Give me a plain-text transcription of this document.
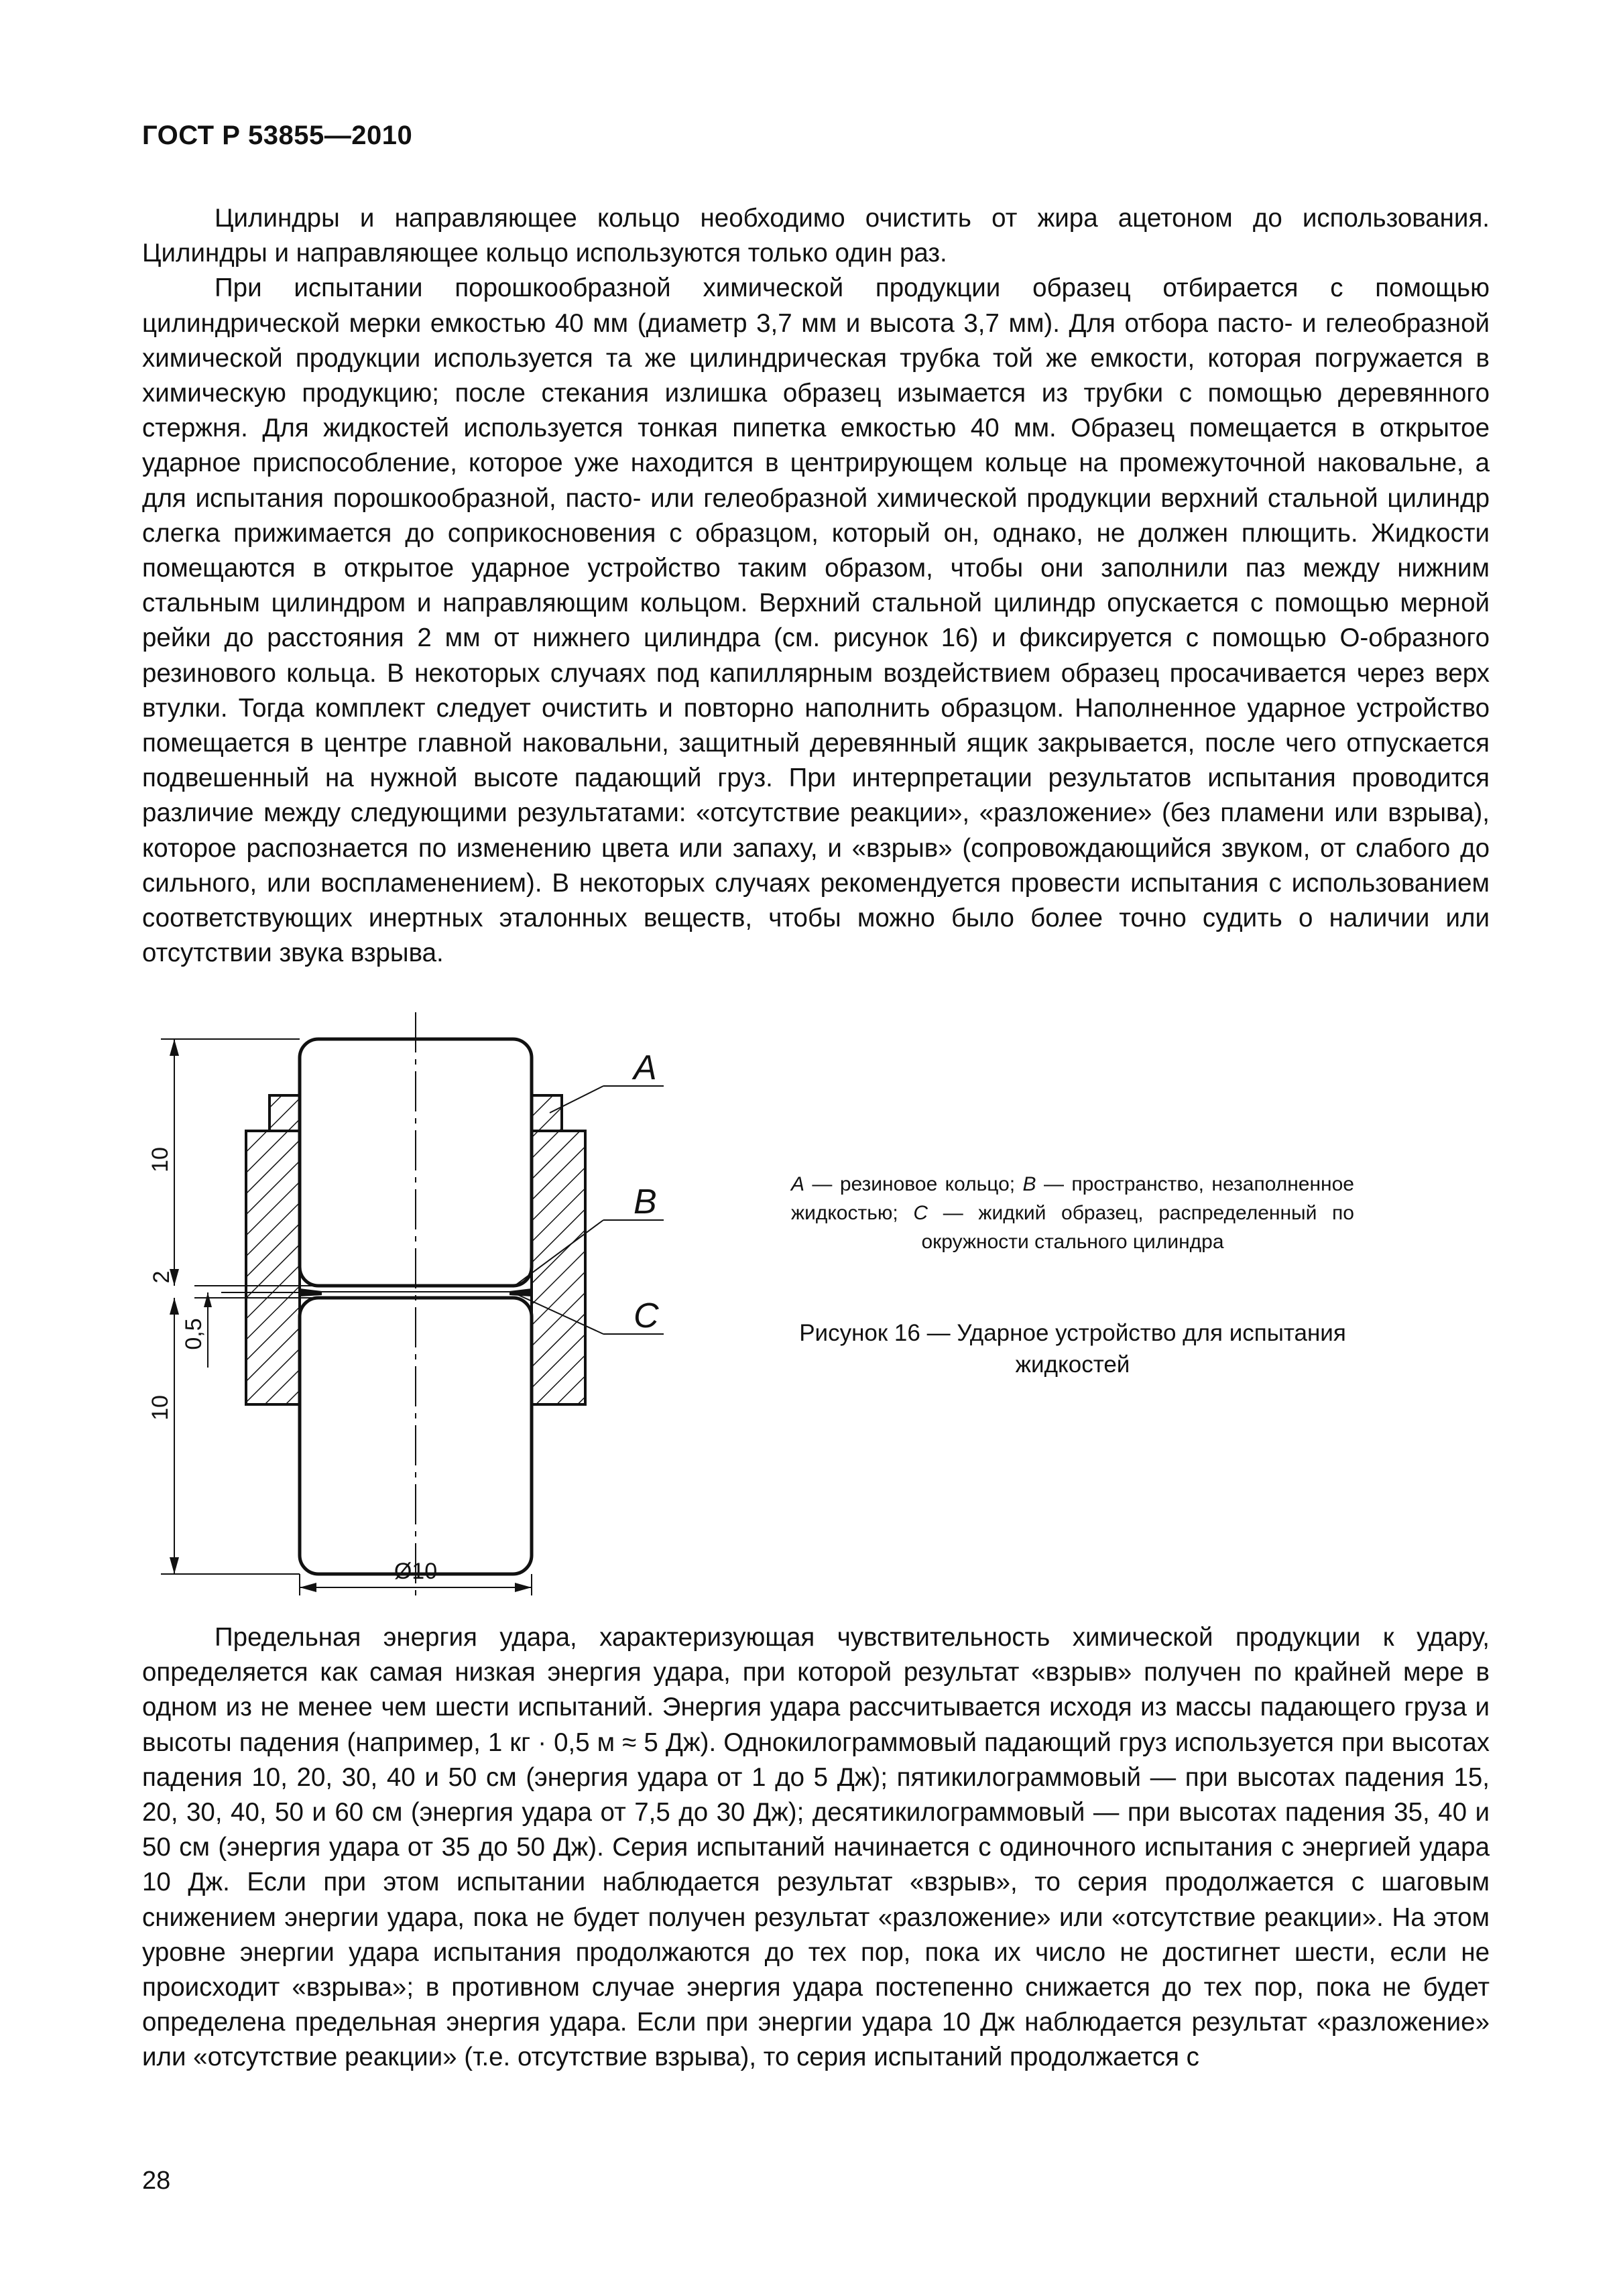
ГОСТ Р 53855—2010

Цилиндры и направляющее кольцо необходимо очистить от жира ацетоном до использования. Цилиндры и направляющее кольцо используются только один раз.

При испытании порошкообразной химической продукции образец отбирается с помощью цилиндрической мерки емкостью 40 мм (диаметр 3,7 мм и высота 3,7 мм). Для отбора пасто- и гелеобразной химической продукции используется та же цилиндрическая трубка той же емкости, которая погружается в химическую продукцию; после стекания излишка образец изымается из трубки с помощью деревянного стержня. Для жидкостей используется тонкая пипетка емкостью 40 мм. Образец помещается в открытое ударное приспособление, которое уже находится в центрирующем кольце на промежуточной наковальне, а для испытания порошкообразной, пасто- или гелеобразной химической продукции верхний стальной цилиндр слегка прижимается до соприкосновения с образцом, который он, однако, не должен плющить. Жидкости помещаются в открытое ударное устройство таким образом, чтобы они заполнили паз между нижним стальным цилиндром и направляющим кольцом. Верхний стальной цилиндр опускается с помощью мерной рейки до расстояния 2 мм от нижнего цилиндра (см. рисунок 16) и фиксируется с помощью О-образного резинового кольца. В некоторых случаях под капиллярным воздействием образец просачивается через верх втулки. Тогда комплект следует очистить и повторно наполнить образцом. Наполненное ударное устройство помещается в центре главной наковальни, защитный деревянный ящик закрывается, после чего отпускается подвешенный на нужной высоте падающий груз. При интерпретации результатов испытания проводится различие между следующими результатами: «отсутствие реакции», «разложение» (без пламени или взрыва), которое распознается по изменению цвета или запаху, и «взрыв» (сопровождающийся звуком, от слабого до сильного, или воспламенением). В некоторых случаях рекомендуется провести испытания с использованием соответствующих инертных эталонных веществ, чтобы можно было более точно судить о наличии или отсутствии звука взрыва.

10
2
0,5
10
Ø10
A
B
C
A — резиновое кольцо; B — пространство, незаполненное жидкостью; C — жидкий образец, распределенный по окружности стального цилиндра
Рисунок 16 — Ударное устройство для испытания жидкостей

Предельная энергия удара, характеризующая чувствительность химической продукции к удару, определяется как самая низкая энергия удара, при которой результат «взрыв» получен по крайней мере в одном из не менее чем шести испытаний. Энергия удара рассчитывается исходя из массы падающего груза и высоты падения (например, 1 кг · 0,5 м ≈ 5 Дж). Однокилограммовый падающий груз используется при высотах падения 10, 20, 30, 40 и 50 см (энергия удара от 1 до 5 Дж); пятикилограммовый — при высотах падения 15, 20, 30, 40, 50 и 60 см (энергия удара от 7,5 до 30 Дж); десятикилограммовый — при высотах падения 35, 40 и 50 см (энергия удара от 35 до 50 Дж). Серия испытаний начинается с одиночного испытания с энергией удара 10 Дж. Если при этом испытании наблюдается результат «взрыв», то серия продолжается с шаговым снижением энергии удара, пока не будет получен результат «разложение» или «отсутствие реакции». На этом уровне энергии удара испытания продолжаются до тех пор, пока их число не достигнет шести, если не происходит «взрыва»; в противном случае энергия удара постепенно снижается до тех пор, пока не будет определена предельная энергия удара. Если при энергии удара 10 Дж наблюдается результат «разложение» или «отсутствие реакции» (т.е. отсутствие взрыва), то серия испытаний продолжается с

28
